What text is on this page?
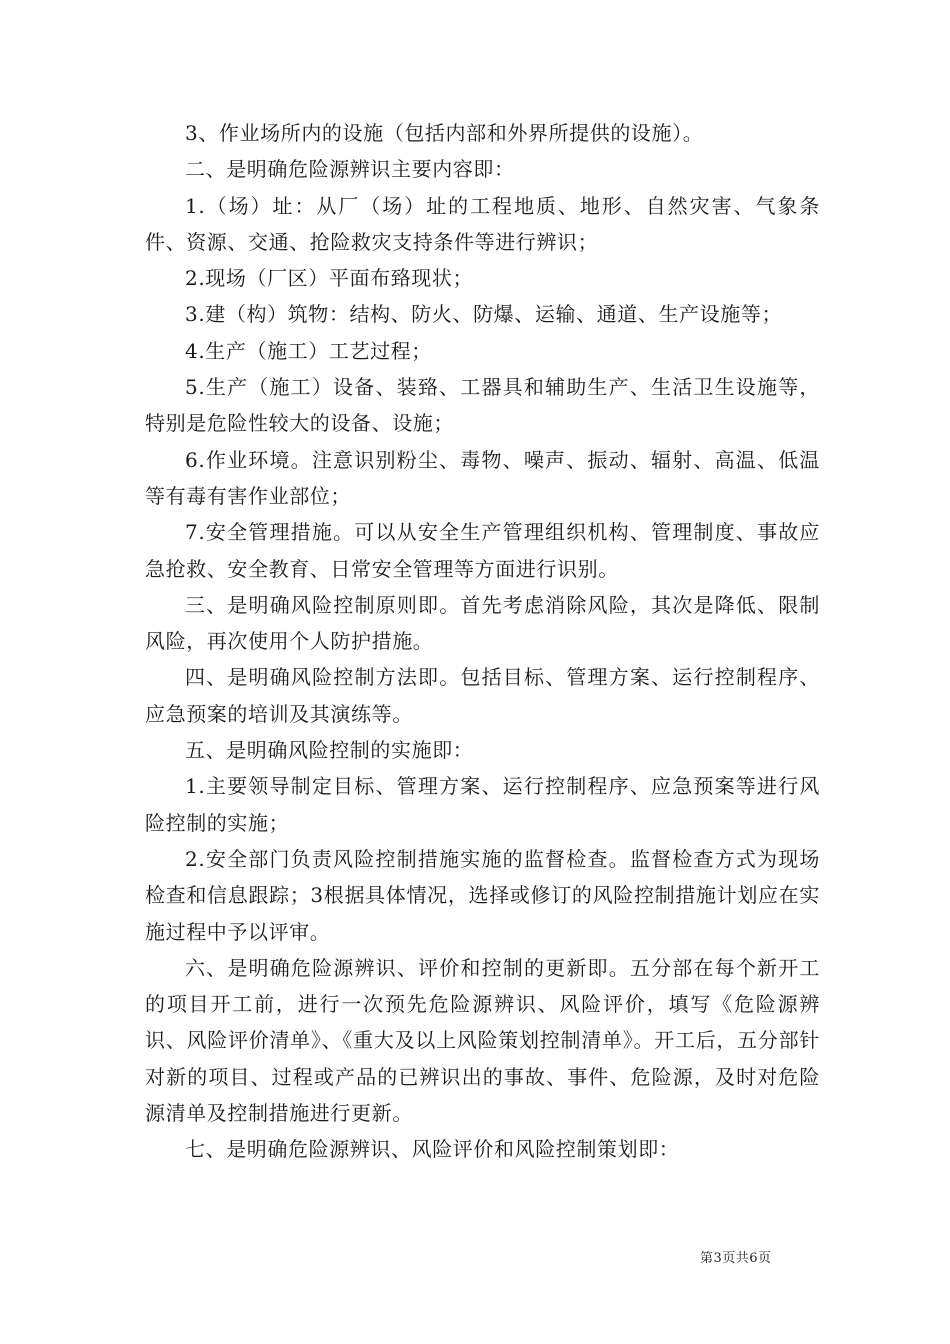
3、作业场所内的设施（包括内部和外界所提供的设施）。

二、是明确危险源辨识主要内容即：

1.（场）址：从厂（场）址的工程地质、地形、自然灾害、气象条件、资源、交通、抢险救灾支持条件等进行辨识；

2.现场（厂区）平面布臵现状；

3.建（构）筑物：结构、防火、防爆、运输、通道、生产设施等；

4.生产（施工）工艺过程；

5.生产（施工）设备、装臵、工器具和辅助生产、生活卫生设施等，特别是危险性较大的设备、设施；

6.作业环境。注意识别粉尘、毒物、噪声、振动、辐射、高温、低温等有毒有害作业部位；

7.安全管理措施。可以从安全生产管理组织机构、管理制度、事故应急抢救、安全教育、日常安全管理等方面进行识别。

三、是明确风险控制原则即。首先考虑消除风险，其次是降低、限制风险，再次使用个人防护措施。

四、是明确风险控制方法即。包括目标、管理方案、运行控制程序、应急预案的培训及其演练等。

五、是明确风险控制的实施即：

1.主要领导制定目标、管理方案、运行控制程序、应急预案等进行风险控制的实施；

2.安全部门负责风险控制措施实施的监督检查。监督检查方式为现场检查和信息跟踪；3根据具体情况，选择或修订的风险控制措施计划应在实施过程中予以评审。

六、是明确危险源辨识、评价和控制的更新即。五分部在每个新开工的项目开工前，进行一次预先危险源辨识、风险评价，填写《危险源辨识、风险评价清单》、《重大及以上风险策划控制清单》。开工后，五分部针对新的项目、过程或产品的已辨识出的事故、事件、危险源，及时对危险源清单及控制措施进行更新。

七、是明确危险源辨识、风险评价和风险控制策划即：

第3页共6页
